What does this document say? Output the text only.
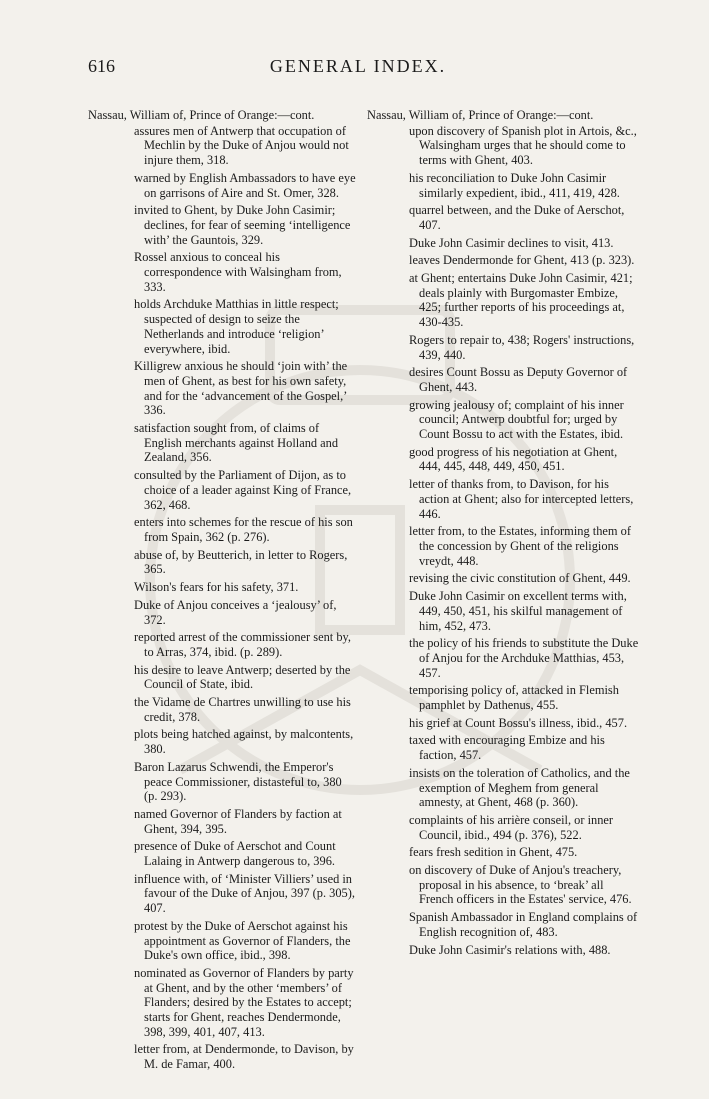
616	GENERAL INDEX.
Nassau, William of, Prince of Orange:—cont.
assures men of Antwerp that occupation of Mechlin by the Duke of Anjou would not injure them, 318.
warned by English Ambassadors to have eye on garrisons of Aire and St. Omer, 328.
invited to Ghent, by Duke John Casimir; declines, for fear of seeming ‘intelligence with’ the Gauntois, 329.
Rossel anxious to conceal his correspondence with Walsingham from, 333.
holds Archduke Matthias in little respect; suspected of design to seize the Netherlands and introduce ‘religion’ everywhere, ibid.
Killigrew anxious he should ‘join with’ the men of Ghent, as best for his own safety, and for the ‘advancement of the Gospel,’ 336.
satisfaction sought from, of claims of English merchants against Holland and Zealand, 356.
consulted by the Parliament of Dijon, as to choice of a leader against King of France, 362, 468.
enters into schemes for the rescue of his son from Spain, 362 (p. 276).
abuse of, by Beutterich, in letter to Rogers, 365.
Wilson's fears for his safety, 371.
Duke of Anjou conceives a ‘jealousy’ of, 372.
reported arrest of the commissioner sent by, to Arras, 374, ibid. (p. 289).
his desire to leave Antwerp; deserted by the Council of State, ibid.
the Vidame de Chartres unwilling to use his credit, 378.
plots being hatched against, by malcontents, 380.
Baron Lazarus Schwendi, the Emperor's peace Commissioner, distasteful to, 380 (p. 293).
named Governor of Flanders by faction at Ghent, 394, 395.
presence of Duke of Aerschot and Count Lalaing in Antwerp dangerous to, 396.
influence with, of ‘Minister Villiers’ used in favour of the Duke of Anjou, 397 (p. 305), 407.
protest by the Duke of Aerschot against his appointment as Governor of Flanders, the Duke's own office, ibid., 398.
nominated as Governor of Flanders by party at Ghent, and by the other ‘members’ of Flanders; desired by the Estates to accept; starts for Ghent, reaches Dendermonde, 398, 399, 401, 407, 413.
letter from, at Dendermonde, to Davison, by M. de Famar, 400.
Nassau, William of, Prince of Orange:—cont.
upon discovery of Spanish plot in Artois, &c., Walsingham urges that he should come to terms with Ghent, 403.
his reconciliation to Duke John Casimir similarly expedient, ibid., 411, 419, 428.
quarrel between, and the Duke of Aerschot, 407.
Duke John Casimir declines to visit, 413.
leaves Dendermonde for Ghent, 413 (p. 323).
at Ghent; entertains Duke John Casimir, 421; deals plainly with Burgomaster Embize, 425; further reports of his proceedings at, 430-435.
Rogers to repair to, 438; Rogers' instructions, 439, 440.
desires Count Bossu as Deputy Governor of Ghent, 443.
growing jealousy of; complaint of his inner council; Antwerp doubtful for; urged by Count Bossu to act with the Estates, ibid.
good progress of his negotiation at Ghent, 444, 445, 448, 449, 450, 451.
letter of thanks from, to Davison, for his action at Ghent; also for intercepted letters, 446.
letter from, to the Estates, informing them of the concession by Ghent of the religions vreydt, 448.
revising the civic constitution of Ghent, 449.
Duke John Casimir on excellent terms with, 449, 450, 451, his skilful management of him, 452, 473.
the policy of his friends to substitute the Duke of Anjou for the Archduke Matthias, 453, 457.
temporising policy of, attacked in Flemish pamphlet by Dathenus, 455.
his grief at Count Bossu's illness, ibid., 457.
taxed with encouraging Embize and his faction, 457.
insists on the toleration of Catholics, and the exemption of Meghem from general amnesty, at Ghent, 468 (p. 360).
complaints of his arrière conseil, or inner Council, ibid., 494 (p. 376), 522.
fears fresh sedition in Ghent, 475.
on discovery of Duke of Anjou's treachery, proposal in his absence, to ‘break’ all French officers in the Estates' service, 476.
Spanish Ambassador in England complains of English recognition of, 483.
Duke John Casimir's relations with, 488.
